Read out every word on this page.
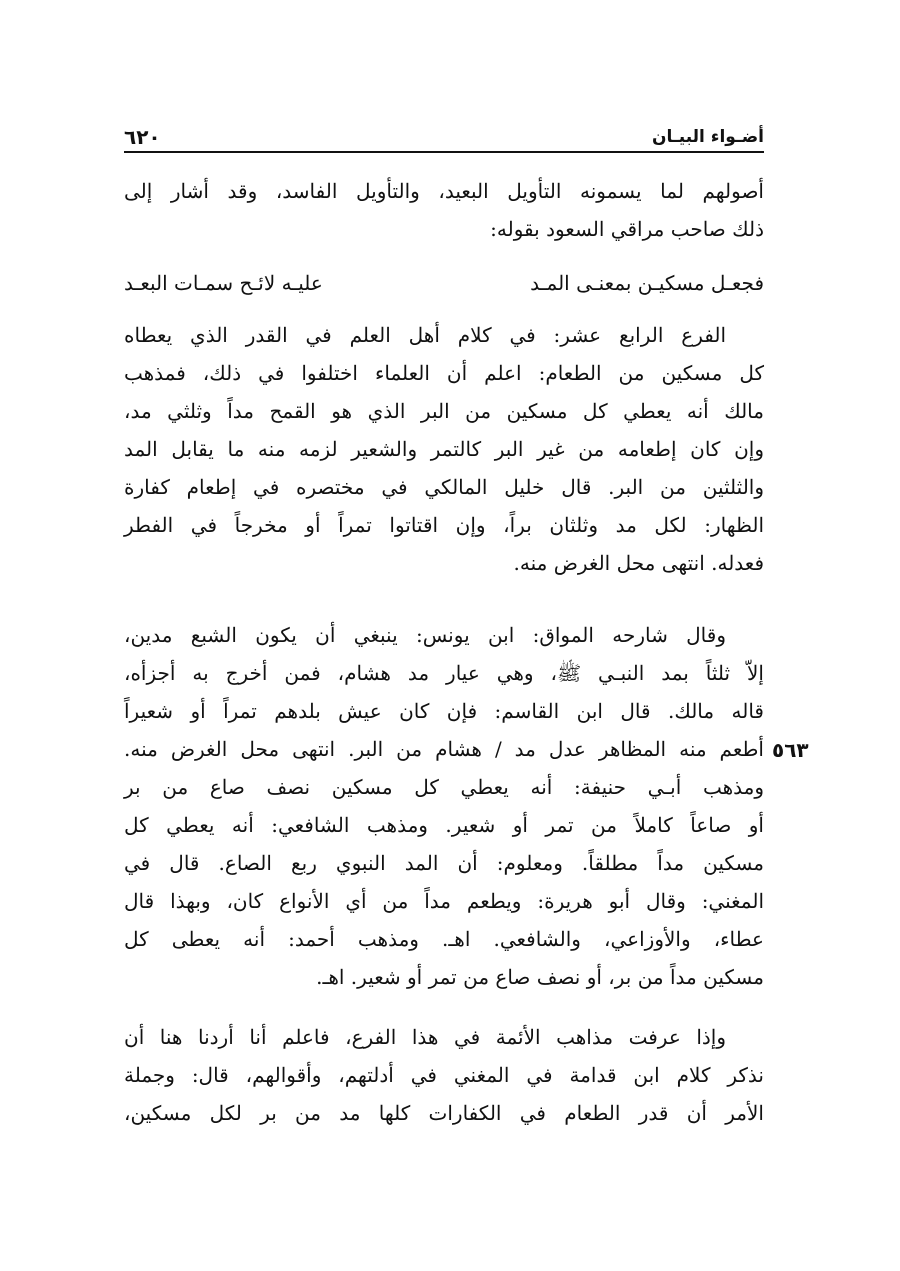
أضـواء البيـان
٦٢٠
أصولهم لما يسمونه التأويل البعيد، والتأويل الفاسد، وقد أشار إلى
ذلك صاحب مراقي السعود بقوله:
فجعـل مسكيـن بمعنـى المـد
عليـه لائـح سمـات البعـد
الفرع الرابع عشر: في كلام أهل العلم في القدر الذي يعطاه
كل مسكين من الطعام: اعلم أن العلماء اختلفوا في ذلك، فمذهب
مالك أنه يعطي كل مسكين من البر الذي هو القمح مداً وثلثي مد،
وإن كان إطعامه من غير البر كالتمر والشعير لزمه منه ما يقابل المد
والثلثين من البر. قال خليل المالكي في مختصره في إطعام كفارة
الظهار: لكل مد وثلثان براً، وإن اقتاتوا تمراً أو مخرجاً في الفطر
فعدله. انتهى محل الغرض منه.
وقال شارحه المواق: ابن يونس: ينبغي أن يكون الشبع مدين،
إلاّ ثلثاً بمد النبـي ﷺ، وهي عيار مد هشام، فمن أخرج به أجزأه،
قاله مالك. قال ابن القاسم: فإن كان عيش بلدهم تمراً أو شعيراً
أطعم منه المظاهر عدل مد / هشام من البر. انتهى محل الغرض منه.
ومذهب أبـي حنيفة: أنه يعطي كل مسكين نصف صاع من بر
أو صاعاً كاملاً من تمر أو شعير. ومذهب الشافعي: أنه يعطي كل
مسكين مداً مطلقاً. ومعلوم: أن المد النبوي ربع الصاع. قال في
المغني: وقال أبو هريرة: ويطعم مداً من أي الأنواع كان، وبهذا قال
عطاء، والأوزاعي، والشافعي. اهـ. ومذهب أحمد: أنه يعطى كل
مسكين مداً من بر، أو نصف صاع من تمر أو شعير. اهـ.
٥٦٣
وإذا عرفت مذاهب الأئمة في هذا الفرع، فاعلم أنا أردنا هنا أن
نذكر كلام ابن قدامة في المغني في أدلتهم، وأقوالهم، قال: وجملة
الأمر أن قدر الطعام في الكفارات كلها مد من بر لكل مسكين،
